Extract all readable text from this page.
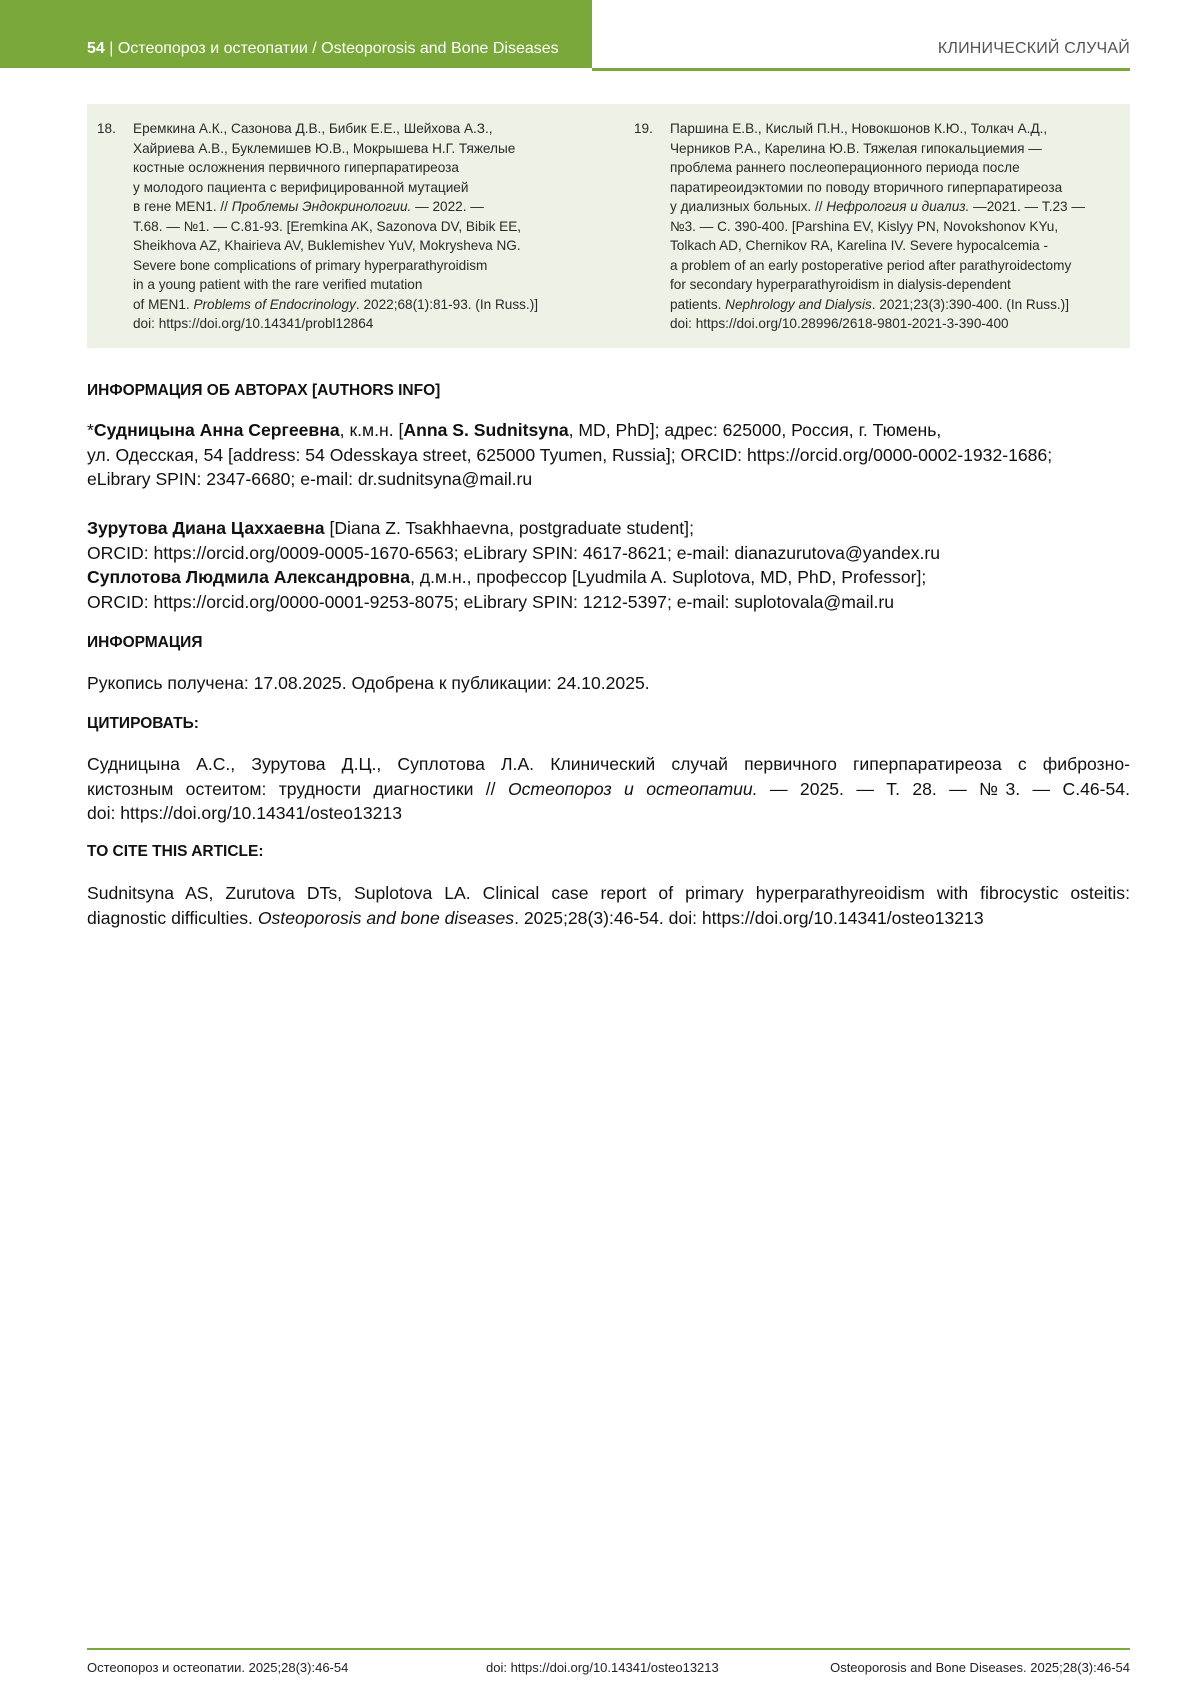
54 | Остеопороз и остеопатии / Osteoporosis and Bone Diseases	КЛИНИЧЕСКИЙ СЛУЧАЙ
18. Еремкина А.К., Сазонова Д.В., Бибик Е.Е., Шейхова А.З.,
Хайриева А.В., Буклемишев Ю.В., Мокрышева Н.Г. Тяжелые
костные осложнения первичного гиперпаратиреоза
у молодого пациента с верифицированной мутацией
в гене MEN1. // Проблемы Эндокринологии. — 2022. —
Т.68. — №1. — С.81-93. [Eremkina AK, Sazonova DV, Bibik EE,
Sheikhova AZ, Khairieva AV, Buklemishev YuV, Mokrysheva NG.
Severe bone complications of primary hyperparathyroidism
in a young patient with the rare verified mutation
of MEN1. Problems of Endocrinology. 2022;68(1):81-93. (In Russ.)]
doi: https://doi.org/10.14341/probl12864
19. Паршина Е.В., Кислый П.Н., Новокшонов К.Ю., Толкач А.Д.,
Черников Р.А., Карелина Ю.В. Тяжелая гипокальциемия —
проблема раннего послеоперационного периода после
паратиреоидэктомии по поводу вторичного гиперпаратиреоза
у диализных больных. // Нефрология и диализ. —2021. — Т.23 —
№3. — С. 390-400. [Parshina EV, Kislyy PN, Novokshonov KYu,
Tolkach AD, Chernikov RA, Karelina IV. Severe hypocalcemia -
a problem of an early postoperative period after parathyroidectomy
for secondary hyperparathyroidism in dialysis-dependent
patients. Nephrology and Dialysis. 2021;23(3):390-400. (In Russ.)]
doi: https://doi.org/10.28996/2618-9801-2021-3-390-400
ИНФОРМАЦИЯ ОБ АВТОРАХ [AUTHORS INFO]
*Судницына Анна Сергеевна, к.м.н. [Anna S. Sudnitsyna, MD, PhD]; адрес: 625000, Россия, г. Тюмень,
ул. Одесская, 54 [address: 54 Odesskaya street, 625000 Tyumen, Russia]; ORCID: https://orcid.org/0000-0002-1932-1686;
eLibrary SPIN: 2347-6680; e-mail: dr.sudnitsyna@mail.ru
Зурутова Диана Цаххаевна [Diana Z. Tsakhhaevna, postgraduate student];
ORCID: https://orcid.org/0009-0005-1670-6563; eLibrary SPIN: 4617-8621; e-mail: dianazurutova@yandex.ru
Суплотова Людмила Александровна, д.м.н., профессор [Lyudmila A. Suplotova, MD, PhD, Professor];
ORCID: https://orcid.org/0000-0001-9253-8075; eLibrary SPIN: 1212-5397; e-mail: suplotovala@mail.ru
ИНФОРМАЦИЯ
Рукопись получена: 17.08.2025. Одобрена к публикации: 24.10.2025.
ЦИТИРОВАТЬ:
Судницына А.С., Зурутова Д.Ц., Суплотова Л.А. Клинический случай первичного гиперпаратиреоза с фиброзно-
кистозным остеитом: трудности диагностики // Остеопороз и остеопатии. — 2025. — Т. 28. — №3. — С.46-54.
doi: https://doi.org/10.14341/osteo13213
TO CITE THIS ARTICLE:
Sudnitsyna AS, Zurutova DTs, Suplotova LA. Clinical case report of primary hyperparathyreoidism with fibrocystic osteitis:
diagnostic difficulties. Osteoporosis and bone diseases. 2025;28(3):46-54. doi: https://doi.org/10.14341/osteo13213
Остеопороз и остеопатии. 2025;28(3):46-54	doi: https://doi.org/10.14341/osteo13213	Osteoporosis and Bone Diseases. 2025;28(3):46-54
